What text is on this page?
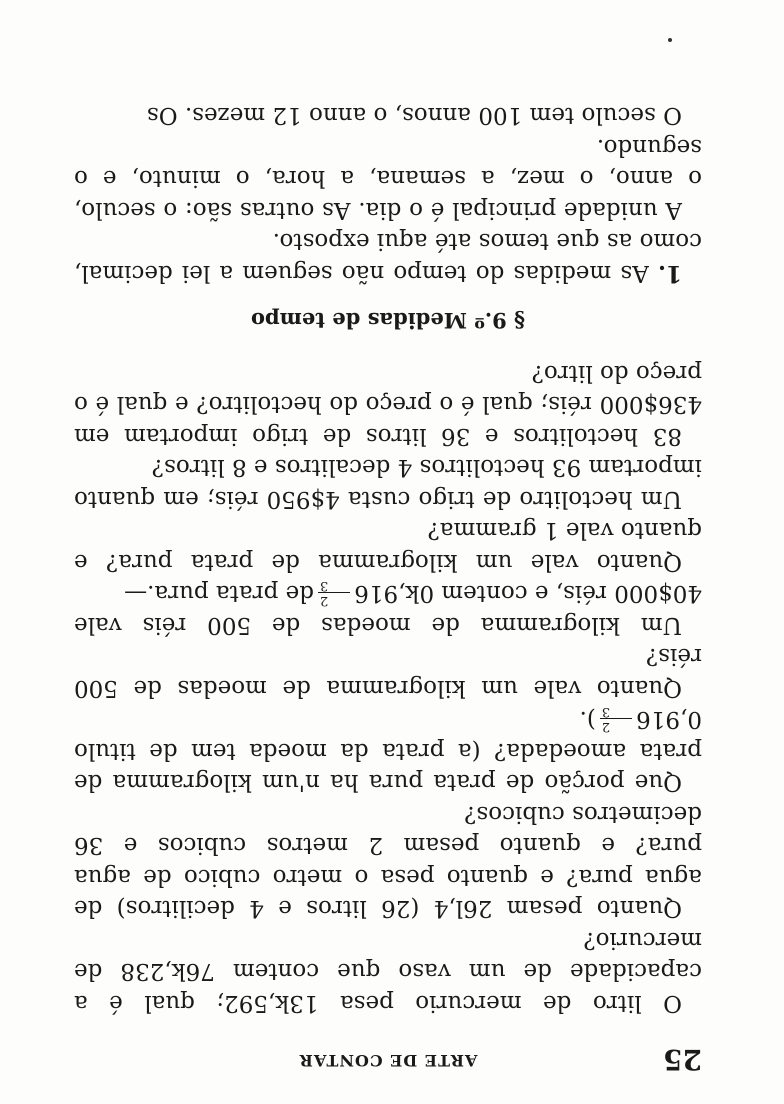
25
ARTE DE CONTAR

O litro de mercurio pesa 13k,592; qual é a capacidade de um vaso que contem 76k,238 de mercurio?

Quanto pesam 26l,4 (26 litros e 4 decilitros) de agua pura? e quanto pesa o metro cubico de agua pura? e quanto pesam 2 metros cubicos e 36 decimetros cubicos?

Que porção de prata pura ha n'um kilogramma de prata amoedada? (a prata da moeda tem de titulo 0,916
2
3
).

Quanto vale um kilogramma de moedas de 500 réis?

Um kilogramma de moedas de 500 réis vale 40$000 réis, e contem 0k,916
2
3
de prata pura.—

Quanto vale um kilogramma de prata pura? e quanto vale 1 gramma?

Um hectolitro de trigo custa 4$950 réis; em quanto importam 93 hectolitros 4 decalitros e 8 litros?

83 hectolitros e 36 litros de trigo importam em 436$000 réis; qual é o preço do hectolitro? e qual é o preço do litro?

§ 9.º Medidas de tempo

1. As medidas do tempo não seguem a lei decimal, como as que temos até aqui exposto.

A unidade principal é o dia. As outras são: o seculo, o anno, o mez, a semana, a hora, o minuto, e o segundo.

O seculo tem 100 annos, o anno 12 mezes. Os
